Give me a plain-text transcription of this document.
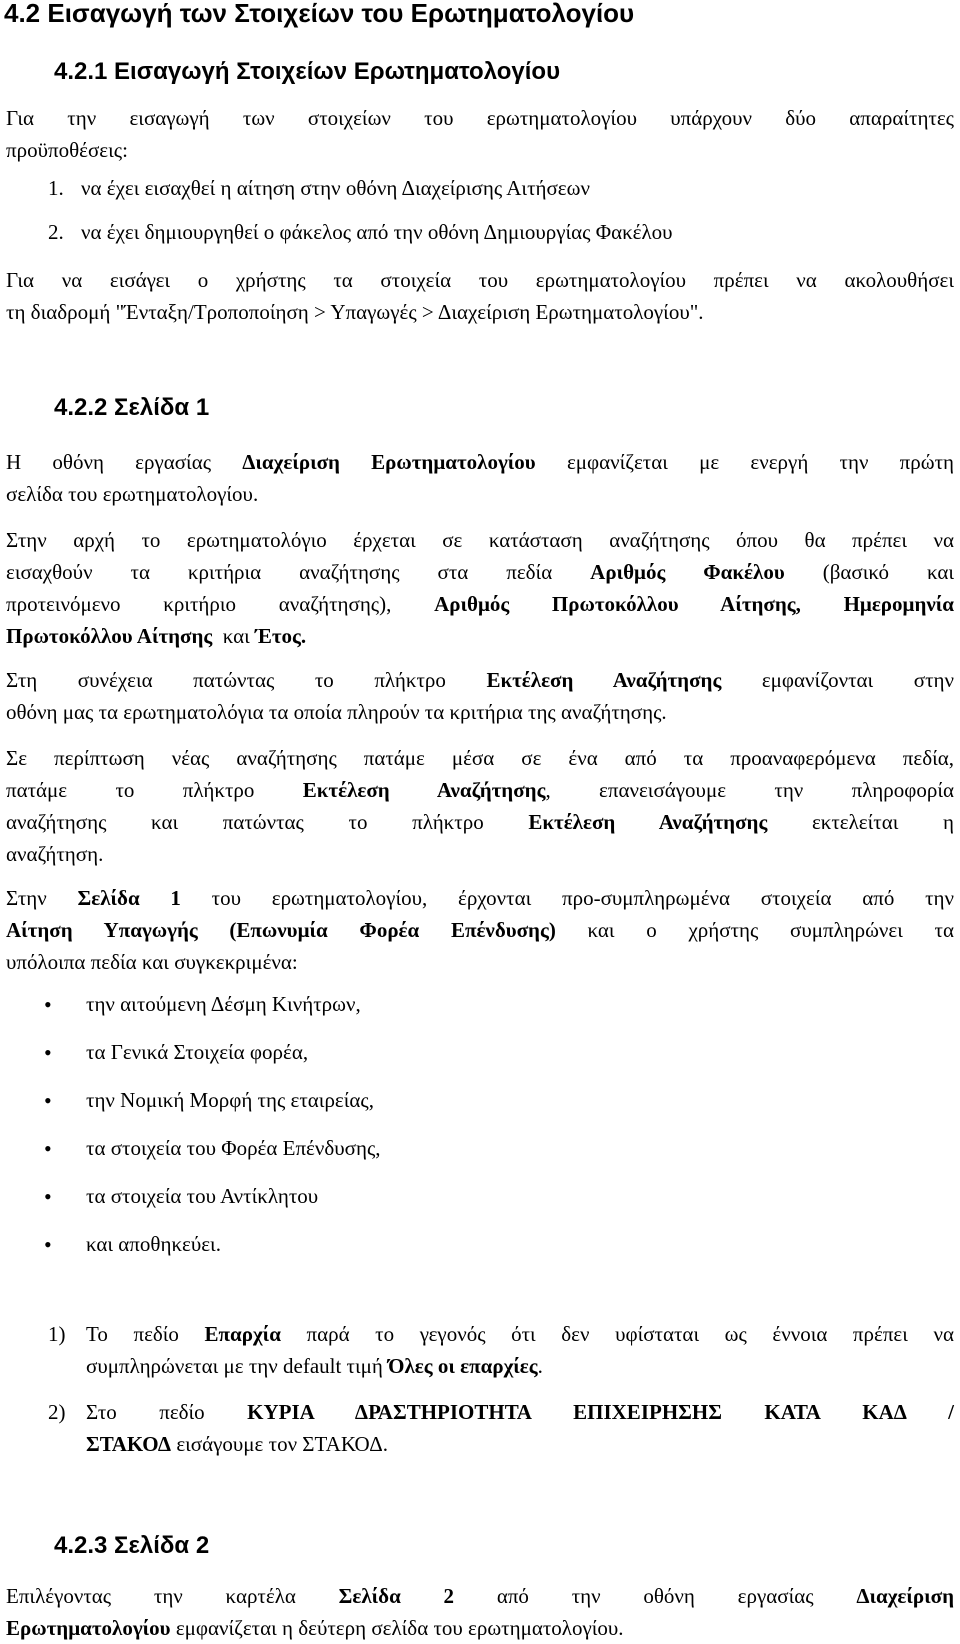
4.2 Εισαγωγή των Στοιχείων του Ερωτηματολογίου
4.2.1 Εισαγωγή Στοιχείων Ερωτηματολογίου
Για την εισαγωγή των στοιχείων του ερωτηματολογίου υπάρχουν δύο απαραίτητες
προϋποθέσεις:
1. να έχει εισαχθεί η αίτηση στην οθόνη Διαχείρισης Αιτήσεων
2. να έχει δημιουργηθεί ο φάκελος από την οθόνη Δημιουργίας Φακέλου
Για να εισάγει ο χρήστης τα στοιχεία του ερωτηματολογίου πρέπει να ακολουθήσει
τη διαδρομή "Ένταξη/Τροποποίηση > Υπαγωγές > Διαχείριση Ερωτηματολογίου".
4.2.2 Σελίδα 1
Η οθόνη εργασίας Διαχείριση Ερωτηματολογίου εμφανίζεται με ενεργή την πρώτη
σελίδα του ερωτηματολογίου.
Στην αρχή το ερωτηματολόγιο έρχεται σε κατάσταση αναζήτησης όπου θα πρέπει να
εισαχθούν τα κριτήρια αναζήτησης στα πεδία Αριθμός Φακέλου (βασικό και
προτεινόμενο κριτήριο αναζήτησης), Αριθμός Πρωτοκόλλου Αίτησης, Ημερομηνία
Πρωτοκόλλου Αίτησης  και Έτος.
Στη συνέχεια πατώντας το πλήκτρο Εκτέλεση Αναζήτησης εμφανίζονται στην
οθόνη μας τα ερωτηματολόγια τα οποία πληρούν τα κριτήρια της αναζήτησης.
Σε περίπτωση νέας αναζήτησης πατάμε μέσα σε ένα από τα προαναφερόμενα πεδία,
πατάμε το πλήκτρο Εκτέλεση Αναζήτησης, επανεισάγουμε την πληροφορία
αναζήτησης και πατώντας το πλήκτρο Εκτέλεση Αναζήτησης εκτελείται η
αναζήτηση.
Στην Σελίδα 1 του ερωτηματολογίου, έρχονται προ-συμπληρωμένα στοιχεία από την
Αίτηση Υπαγωγής (Επωνυμία Φορέα Επένδυσης) και ο χρήστης συμπληρώνει τα
υπόλοιπα πεδία και συγκεκριμένα:
• την αιτούμενη Δέσμη Κινήτρων,
• τα Γενικά Στοιχεία φορέα,
• την Νομική Μορφή της εταιρείας,
• τα στοιχεία του Φορέα Επένδυσης,
• τα στοιχεία του Αντίκλητου
• και αποθηκεύει.
1) Το πεδίο Επαρχία παρά το γεγονός ότι δεν υφίσταται ως έννοια πρέπει να
συμπληρώνεται με την default τιμή Όλες οι επαρχίες.
2) Στο πεδίο ΚΥΡΙΑ ΔΡΑΣΤΗΡΙΟΤΗΤΑ ΕΠΙΧΕΙΡΗΣΗΣ ΚΑΤΑ ΚΑΔ /
ΣΤΑΚΟΔ εισάγουμε τον ΣΤΑΚΟΔ.
4.2.3 Σελίδα 2
Επιλέγοντας την καρτέλα Σελίδα 2 από την οθόνη εργασίας Διαχείριση
Ερωτηματολογίου εμφανίζεται η δεύτερη σελίδα του ερωτηματολογίου.
